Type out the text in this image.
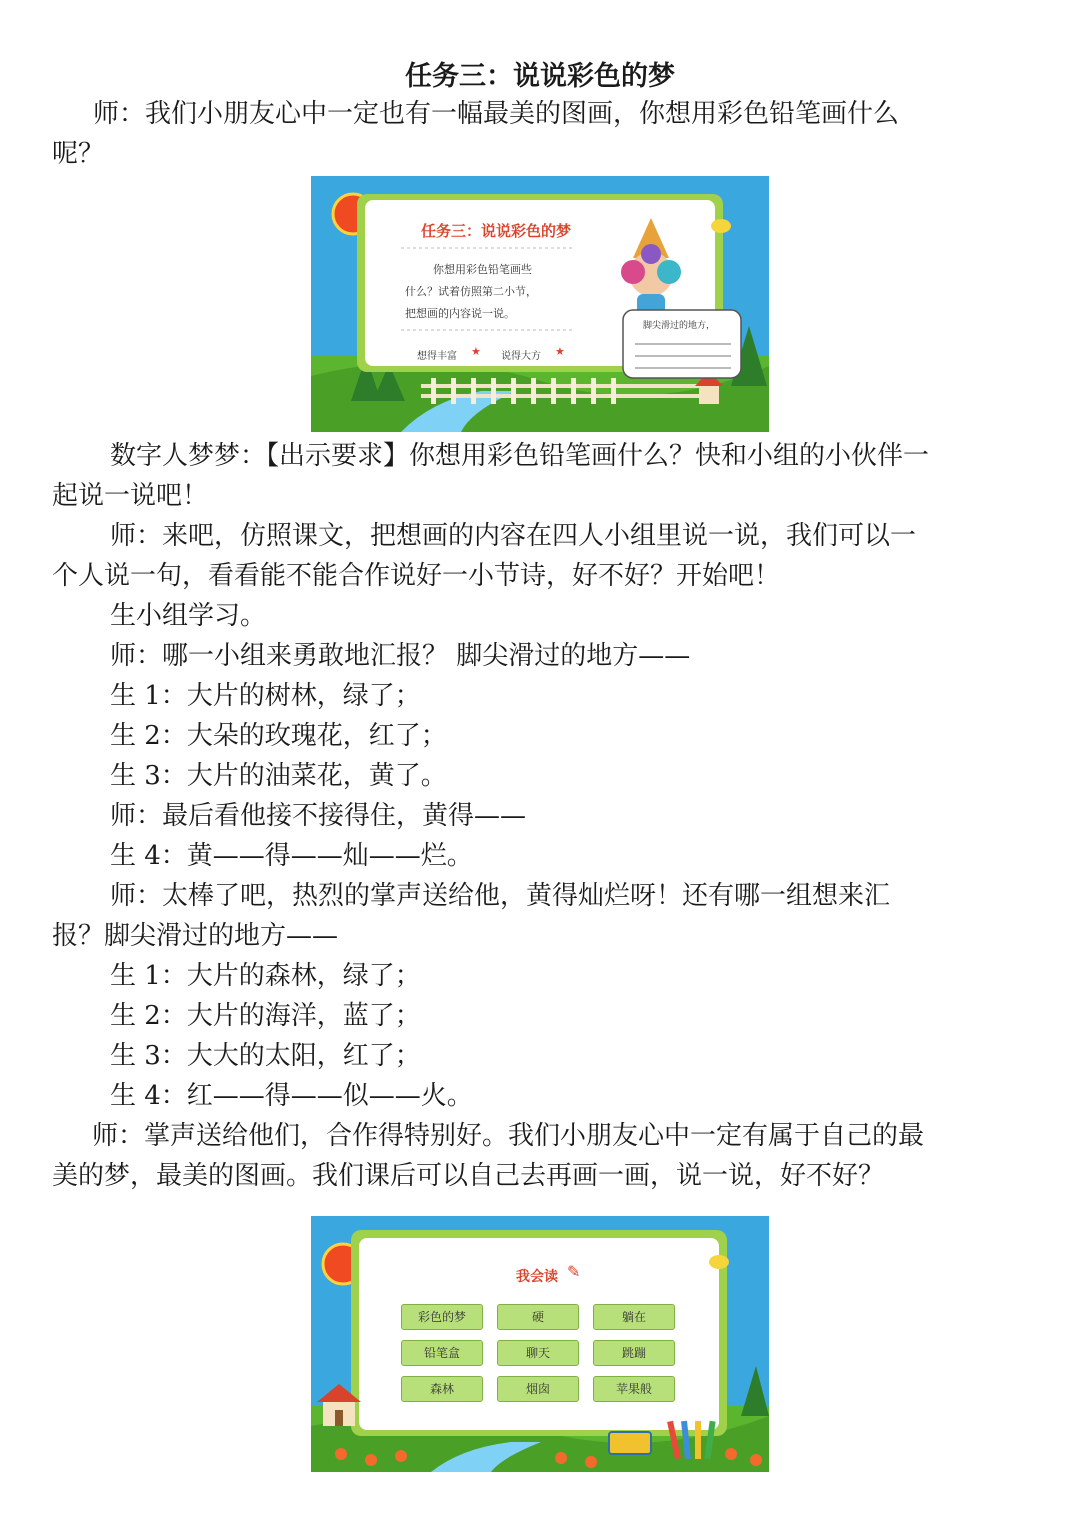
任务三：说说彩色的梦
师：我们小朋友心中一定也有一幅最美的图画，你想用彩色铅笔画什么
呢？
任务三：说说彩色的梦
你想用彩色铅笔画些
什么？试着仿照第二小节，
把想画的内容说一说。
想得丰富 ★ 说得大方 ★
脚尖滑过的地方，
数字人梦梦：【出示要求】你想用彩色铅笔画什么？快和小组的小伙伴一
起说一说吧！
师：来吧，仿照课文，把想画的内容在四人小组里说一说，我们可以一
个人说一句，看看能不能合作说好一小节诗，好不好？开始吧！
生小组学习。
师：哪一小组来勇敢地汇报？ 脚尖滑过的地方——
生 1：大片的树林，绿了；
生 2：大朵的玫瑰花，红了；
生 3：大片的油菜花，黄了。
师：最后看他接不接得住，黄得——
生 4：黄——得——灿——烂。
师：太棒了吧，热烈的掌声送给他，黄得灿烂呀！还有哪一组想来汇
报？脚尖滑过的地方——
生 1：大片的森林，绿了；
生 2：大片的海洋，蓝了；
生 3：大大的太阳，红了；
生 4：红——得——似——火。
师：掌声送给他们，合作得特别好。我们小朋友心中一定有属于自己的最
美的梦，最美的图画。我们课后可以自己去再画一画，说一说，好不好？
我会读 ✎
彩色的梦	硬	躺在
铅笔盒	聊天	跳蹦
森林	烟囱	苹果般
